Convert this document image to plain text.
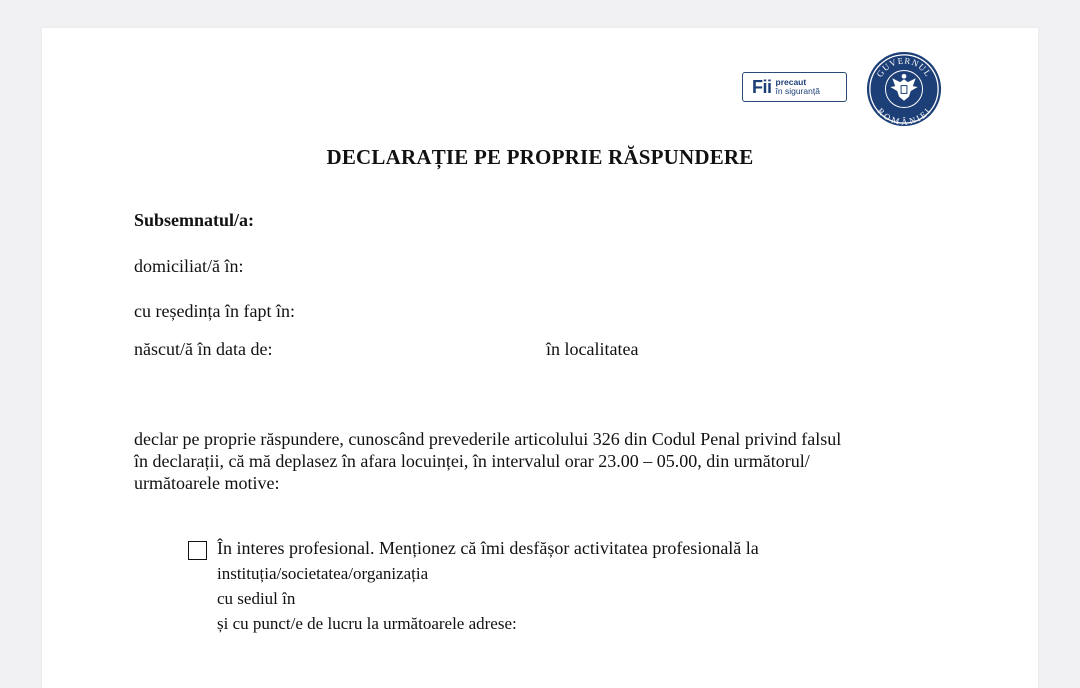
Fii precaut
în siguranță
GUVERNUL
ROMÂNIEI
DECLARAȚIE PE PROPRIE RĂSPUNDERE
Subsemnatul/a:
domiciliat/ă în:
cu reședința în fapt în:
născut/ă în data de:	în localitatea
declar pe proprie răspundere, cunoscând prevederile articolului 326 din Codul Penal privind falsul
în declarații, că mă deplasez în afara locuinței, în intervalul orar 23.00 – 05.00, din următorul/
următoarele motive:
În interes profesional. Menționez că îmi desfășor activitatea profesională la
instituția/societatea/organizația
cu sediul în
și cu punct/e de lucru la următoarele adrese:
